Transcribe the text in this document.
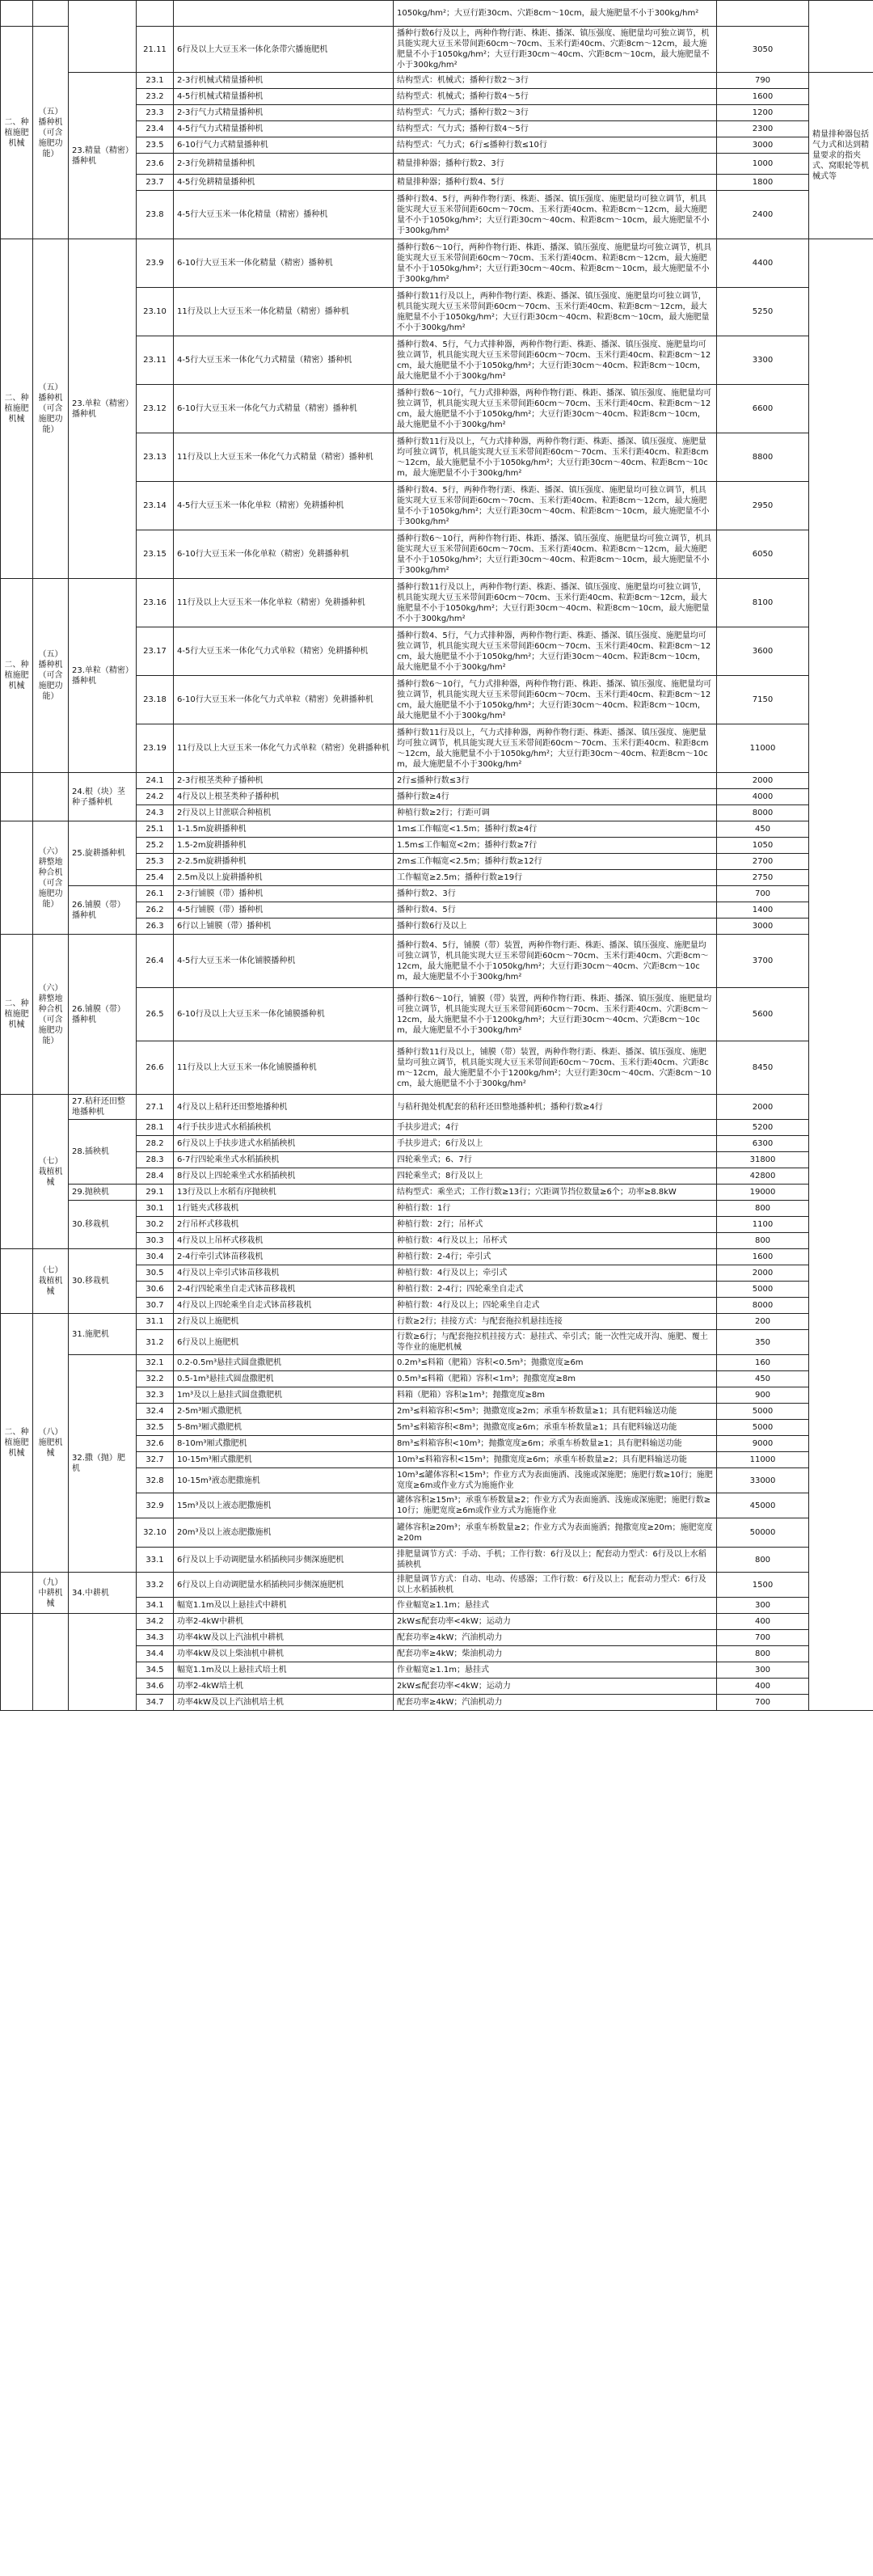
					1050kg/hm²；大豆行距30cm、穴距8cm～10cm，最大施肥量不小于300kg/hm²		
二、种植施肥机械	（五）播种机（可含施肥功能）		21.11	6行及以上大豆玉米一体化条带穴播施肥机	播种行数6行及以上，两种作物行距、株距、播深、镇压强度、施肥量均可独立调节，机具能实现大豆玉米带间距60cm～70cm、玉米行距40cm、穴距8cm～12cm，最大施肥量不小于1050kg/hm²；大豆行距30cm～40cm、穴距8cm～10cm，最大施肥量不小于300kg/hm²	3050	
		23.精量（精密）播种机	23.1	2-3行机械式精量播种机	结构型式：机械式；播种行数2～3行	790	精量排种器包括气力式和达到精量要求的指夹式、窝眼轮等机械式等
			23.2	4-5行机械式精量播种机	结构型式：机械式；播种行数4～5行	1600	
			23.3	2-3行气力式精量播种机	结构型式：气力式；播种行数2～3行	1200	
			23.4	4-5行气力式精量播种机	结构型式：气力式；播种行数4～5行	2300	
			23.5	6-10行气力式精量播种机	结构型式：气力式；6行≤播种行数≤10行	3000	
			23.6	2-3行免耕精量播种机	精量排种器；播种行数2、3行	1000	
			23.7	4-5行免耕精量播种机	精量排种器；播种行数4、5行	1800	
			23.8	4-5行大豆玉米一体化精量（精密）播种机	播种行数4、5行，两种作物行距、株距、播深、镇压强度、施肥量均可独立调节，机具能实现大豆玉米带间距60cm～70cm、玉米行距40cm、粒距8cm～12cm，最大施肥量不小于1050kg/hm²；大豆行距30cm～40cm、粒距8cm～10cm，最大施肥量不小于300kg/hm²	2400	
二、种植施肥机械	（五）播种机（可含施肥功能）	23.单粒（精密）播种机	23.9	6-10行大豆玉米一体化精量（精密）播种机	播种行数6～10行，两种作物行距、株距、播深、镇压强度、施肥量均可独立调节，机具能实现大豆玉米带间距60cm～70cm、玉米行距40cm、粒距8cm～12cm，最大施肥量不小于1050kg/hm²；大豆行距30cm～40cm、粒距8cm～10cm，最大施肥量不小于300kg/hm²	4400	
			23.10	11行及以上大豆玉米一体化精量（精密）播种机	播种行数11行及以上，两种作物行距、株距、播深、镇压强度、施肥量均可独立调节，机具能实现大豆玉米带间距60cm～70cm、玉米行距40cm、粒距8cm～12cm，最大施肥量不小于1050kg/hm²；大豆行距30cm～40cm、粒距8cm～10cm，最大施肥量不小于300kg/hm²	5250	
			23.11	4-5行大豆玉米一体化气力式精量（精密）播种机	播种行数4、5行，气力式排种器，两种作物行距、株距、播深、镇压强度、施肥量均可独立调节，机具能实现大豆玉米带间距60cm～70cm、玉米行距40cm、粒距8cm～12cm，最大施肥量不小于1050kg/hm²；大豆行距30cm～40cm、粒距8cm～10cm，最大施肥量不小于300kg/hm²	3300	
			23.12	6-10行大豆玉米一体化气力式精量（精密）播种机	播种行数6～10行，气力式排种器，两种作物行距、株距、播深、镇压强度、施肥量均可独立调节，机具能实现大豆玉米带间距60cm～70cm、玉米行距40cm、粒距8cm～12cm，最大施肥量不小于1050kg/hm²；大豆行距30cm～40cm、粒距8cm～10cm，最大施肥量不小于300kg/hm²	6600	
			23.13	11行及以上大豆玉米一体化气力式精量（精密）播种机	播种行数11行及以上，气力式排种器，两种作物行距、株距、播深、镇压强度、施肥量均可独立调节，机具能实现大豆玉米带间距60cm～70cm、玉米行距40cm、粒距8cm～12cm，最大施肥量不小于1050kg/hm²；大豆行距30cm～40cm、粒距8cm～10cm，最大施肥量不小于300kg/hm²	8800	
			23.14	4-5行大豆玉米一体化单粒（精密）免耕播种机	播种行数4、5行，两种作物行距、株距、播深、镇压强度、施肥量均可独立调节，机具能实现大豆玉米带间距60cm～70cm、玉米行距40cm、粒距8cm～12cm，最大施肥量不小于1050kg/hm²；大豆行距30cm～40cm、粒距8cm～10cm，最大施肥量不小于300kg/hm²	2950	
			23.15	6-10行大豆玉米一体化单粒（精密）免耕播种机	播种行数6～10行，两种作物行距、株距、播深、镇压强度、施肥量均可独立调节，机具能实现大豆玉米带间距60cm～70cm、玉米行距40cm、粒距8cm～12cm，最大施肥量不小于1050kg/hm²；大豆行距30cm～40cm、粒距8cm～10cm，最大施肥量不小于300kg/hm²	6050	
二、种植施肥机械	（五）播种机（可含施肥功能）	23.单粒（精密）播种机	23.16	11行及以上大豆玉米一体化单粒（精密）免耕播种机	播种行数11行及以上，两种作物行距、株距、播深、镇压强度、施肥量均可独立调节，机具能实现大豆玉米带间距60cm～70cm、玉米行距40cm、粒距8cm～12cm，最大施肥量不小于1050kg/hm²；大豆行距30cm～40cm、粒距8cm～10cm，最大施肥量不小于300kg/hm²	8100	
			23.17	4-5行大豆玉米一体化气力式单粒（精密）免耕播种机	播种行数4、5行，气力式排种器，两种作物行距、株距、播深、镇压强度、施肥量均可独立调节，机具能实现大豆玉米带间距60cm～70cm、玉米行距40cm、粒距8cm～12cm，最大施肥量不小于1050kg/hm²；大豆行距30cm～40cm、粒距8cm～10cm，最大施肥量不小于300kg/hm²	3600	
			23.18	6-10行大豆玉米一体化气力式单粒（精密）免耕播种机	播种行数6～10行，气力式排种器，两种作物行距、株距、播深、镇压强度、施肥量均可独立调节，机具能实现大豆玉米带间距60cm～70cm、玉米行距40cm、粒距8cm～12cm，最大施肥量不小于1050kg/hm²；大豆行距30cm～40cm、粒距8cm～10cm，最大施肥量不小于300kg/hm²	7150	
			23.19	11行及以上大豆玉米一体化气力式单粒（精密）免耕播种机	播种行数11行及以上，气力式排种器，两种作物行距、株距、播深、镇压强度、施肥量均可独立调节，机具能实现大豆玉米带间距60cm～70cm、玉米行距40cm、粒距8cm～12cm，最大施肥量不小于1050kg/hm²；大豆行距30cm～40cm、粒距8cm～10cm，最大施肥量不小于300kg/hm²	11000	
		24.根（块）茎种子播种机	24.1	2-3行根茎类种子播种机	2行≤播种行数≤3行	2000	
			24.2	4行及以上根茎类种子播种机	播种行数≥4行	4000	
			24.3	2行及以上甘蔗联合种植机	种植行数≥2行；行距可调	8000	
	（六）耕整地种合机（可含施肥功能）	25.旋耕播种机	25.1	1-1.5m旋耕播种机	1m≤工作幅宽<1.5m；播种行数≥4行	450	
			25.2	1.5-2m旋耕播种机	1.5m≤工作幅宽<2m；播种行数≥7行	1050	
			25.3	2-2.5m旋耕播种机	2m≤工作幅宽<2.5m；播种行数≥12行	2700	
			25.4	2.5m及以上旋耕播种机	工作幅宽≥2.5m；播种行数≥19行	2750	
		26.铺膜（带）播种机	26.1	2-3行铺膜（带）播种机	播种行数2、3行	700	
			26.2	4-5行铺膜（带）播种机	播种行数4、5行	1400	
			26.3	6行以上铺膜（带）播种机	播种行数6行及以上	3000	
二、种植施肥机械	（六）耕整地种合机（可含施肥功能）	26.铺膜（带）播种机	26.4	4-5行大豆玉米一体化铺膜播种机	播种行数4、5行，铺膜（带）装置，两种作物行距、株距、播深、镇压强度、施肥量均可独立调节，机具能实现大豆玉米带间距60cm～70cm、玉米行距40cm、穴距8cm～12cm，最大施肥量不小于1050kg/hm²；大豆行距30cm～40cm、穴距8cm～10cm，最大施肥量不小于300kg/hm²	3700	
			26.5	6-10行及以上大豆玉米一体化铺膜播种机	播种行数6～10行，铺膜（带）装置，两种作物行距、株距、播深、镇压强度、施肥量均可独立调节，机具能实现大豆玉米带间距60cm～70cm、玉米行距40cm、穴距8cm～12cm，最大施肥量不小于1200kg/hm²；大豆行距30cm～40cm、穴距8cm～10cm，最大施肥量不小于300kg/hm²	5600	
			26.6	11行及以上大豆玉米一体化铺膜播种机	播种行数11行及以上，铺膜（带）装置，两种作物行距、株距、播深、镇压强度、施肥量均可独立调节，机具能实现大豆玉米带间距60cm～70cm、玉米行距40cm、穴距8cm～12cm，最大施肥量不小于1200kg/hm²；大豆行距30cm～40cm、穴距8cm～10cm，最大施肥量不小于300kg/hm²	8450	
	（七）栽植机械	27.秸秆还田整地播种机	27.1	4行及以上秸秆还田整地播种机	与秸秆抛处机配套的秸秆还田整地播种机；播种行数≥4行	2000	
		28.插秧机	28.1	4行手扶步进式水稻插秧机	手扶步进式；4行	5200	
			28.2	6行及以上手扶步进式水稻插秧机	手扶步进式；6行及以上	6300	
			28.3	6-7行四轮乘坐式水稻插秧机	四轮乘坐式；6、7行	31800	
			28.4	8行及以上四轮乘坐式水稻插秧机	四轮乘坐式；8行及以上	42800	
		29.抛秧机	29.1	13行及以上水稻有序抛秧机	结构型式：乘坐式；工作行数≥13行；穴距调节挡位数量≥6个；功率≥8.8kW	19000	
		30.移栽机	30.1	1行链夹式移栽机	种植行数：1行	800	
			30.2	2行吊杯式移栽机	种植行数：2行；吊杯式	1100	
			30.3	4行及以上吊杯式移栽机	种植行数：4行及以上；吊杯式	800	
	（七）栽植机械	30.移栽机	30.4	2-4行牵引式钵苗移栽机	种植行数：2-4行；牵引式	1600	
			30.5	4行及以上牵引式钵苗移栽机	种植行数：4行及以上；牵引式	2000	
			30.6	2-4行四轮乘坐自走式钵苗移栽机	种植行数：2-4行；四轮乘坐自走式	5000	
			30.7	4行及以上四轮乘坐自走式钵苗移栽机	种植行数：4行及以上；四轮乘坐自走式	8000	
二、种植施肥机械	（八）施肥机械	31.施肥机	31.1	2行及以上施肥机	行数≥2行；挂接方式：与配套拖拉机悬挂连接	200	
			31.2	6行及以上施肥机	行数≥6行；与配套拖拉机挂接方式：悬挂式、牵引式；能一次性完成开沟、施肥、覆土等作业的施肥机械	350	
		32.撒（抛）肥机	32.1	0.2-0.5m³悬挂式圆盘撒肥机	0.2m³≤料箱（肥箱）容积<0.5m³；抛撒宽度≥6m	160	
			32.2	0.5-1m³悬挂式圆盘撒肥机	0.5m³≤料箱（肥箱）容积<1m³；抛撒宽度≥8m	450	
			32.3	1m³及以上悬挂式圆盘撒肥机	料箱（肥箱）容积≥1m³；抛撒宽度≥8m	900	
			32.4	2-5m³厢式撒肥机	2m³≤料箱容积<5m³；抛撒宽度≥2m；承重车桥数量≥1；具有肥料输送功能	5000	
			32.5	5-8m³厢式撒肥机	5m³≤料箱容积<8m³；抛撒宽度≥6m；承重车桥数量≥1；具有肥料输送功能	5000	
			32.6	8-10m³厢式撒肥机	8m³≤料箱容积<10m³；抛撒宽度≥6m；承重车桥数量≥1；具有肥料输送功能	9000	
			32.7	10-15m³厢式撒肥机	10m³≤料箱容积<15m³；抛撒宽度≥6m；承重车桥数量≥2；具有肥料输送功能	11000	
			32.8	10-15m³液态肥撒施机	10m³≤罐体容积<15m³；作业方式为表面施洒、浅施或深施肥；施肥行数≥10行；施肥宽度≥6m或作业方式为施施作业	33000	
			32.9	15m³及以上液态肥撒施机	罐体容积≥15m³；承重车桥数量≥2；作业方式为表面施洒、浅施或深施肥；施肥行数≥10行；施肥宽度≥6m或作业方式为施施作业	45000	
			32.10	20m³及以上液态肥撒施机	罐体容积≥20m³；承重车桥数量≥2；作业方式为表面施洒；抛撒宽度≥20m；施肥宽度≥20m	50000	
			33.1	6行及以上手动调肥量水稻插秧同步侧深施肥机	排肥量调节方式：手动、手机；工作行数：6行及以上；配套动力型式：6行及以上水稻插秧机	800	
	（九）中耕机械	34.中耕机	33.2	6行及以上自动调肥量水稻插秧同步侧深施肥机	排肥量调节方式：自动、电动、传感器；工作行数：6行及以上；配套动力型式：6行及以上水稻插秧机	1500	
			34.1	幅宽1.1m及以上悬挂式中耕机	作业幅宽≥1.1m；悬挂式	300	
			34.2	功率2-4kW中耕机	2kW≤配套功率<4kW；运动力	400	
			34.3	功率4kW及以上汽油机中耕机	配套功率≥4kW；汽油机动力	700	
			34.4	功率4kW及以上柴油机中耕机	配套功率≥4kW；柴油机动力	800	
			34.5	幅宽1.1m及以上悬挂式培土机	作业幅宽≥1.1m；悬挂式	300	
			34.6	功率2-4kW培土机	2kW≤配套功率<4kW；运动力	400	
			34.7	功率4kW及以上汽油机培土机	配套功率≥4kW；汽油机动力	700	
